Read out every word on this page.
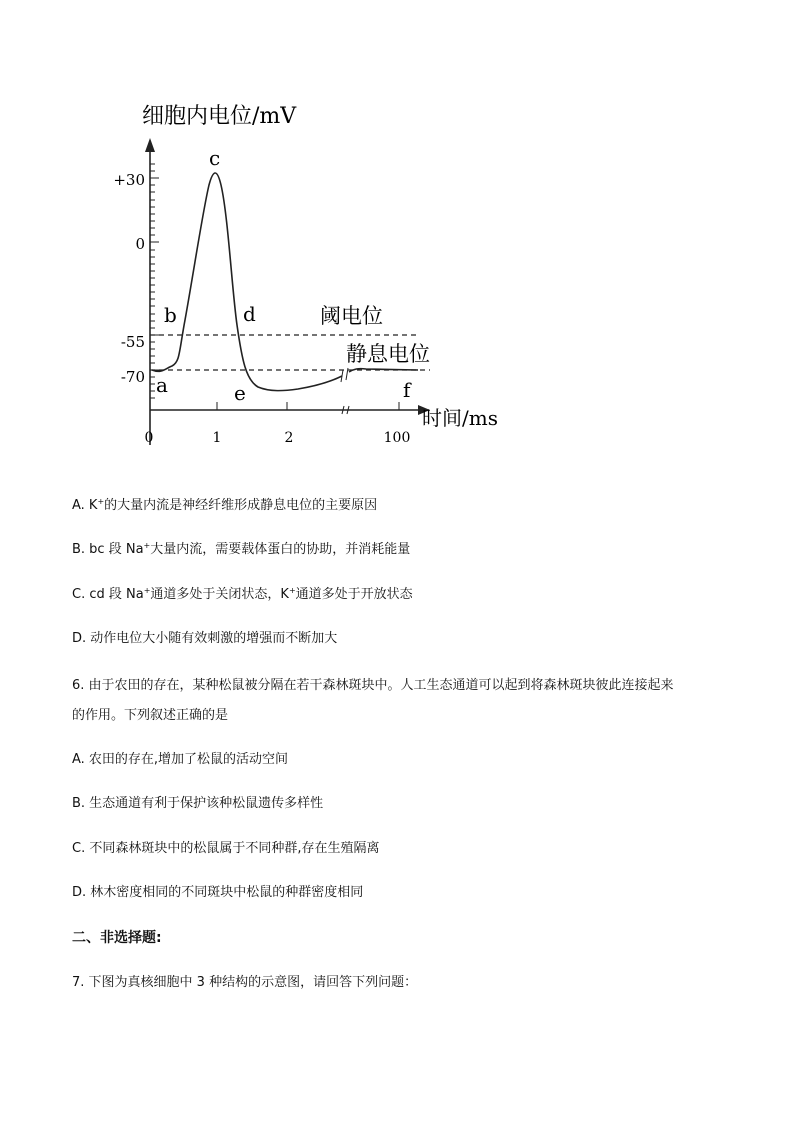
细胞内电位/mV
时间/ms
+30
0
-55
-70
0	1	2	100
a
b
c
d
e	f
阈电位
静息电位
A. K+的大量内流是神经纤维形成静息电位的主要原因
B. bc 段 Na+大量内流，需要载体蛋白的协助，并消耗能量
C. cd 段 Na+通道多处于关闭状态，K+通道多处于开放状态
D. 动作电位大小随有效刺激的增强而不断加大
6. 由于农田的存在，某种松鼠被分隔在若干森林斑块中。人工生态通道可以起到将森林斑块彼此连接起来
的作用。下列叙述正确的是
A. 农田的存在,增加了松鼠的活动空间
B. 生态通道有利于保护该种松鼠遗传多样性
C. 不同森林斑块中的松鼠属于不同种群,存在生殖隔离
D. 林木密度相同的不同斑块中松鼠的种群密度相同
二、非选择题:
7. 下图为真核细胞中 3 种结构的示意图，请回答下列问题：
